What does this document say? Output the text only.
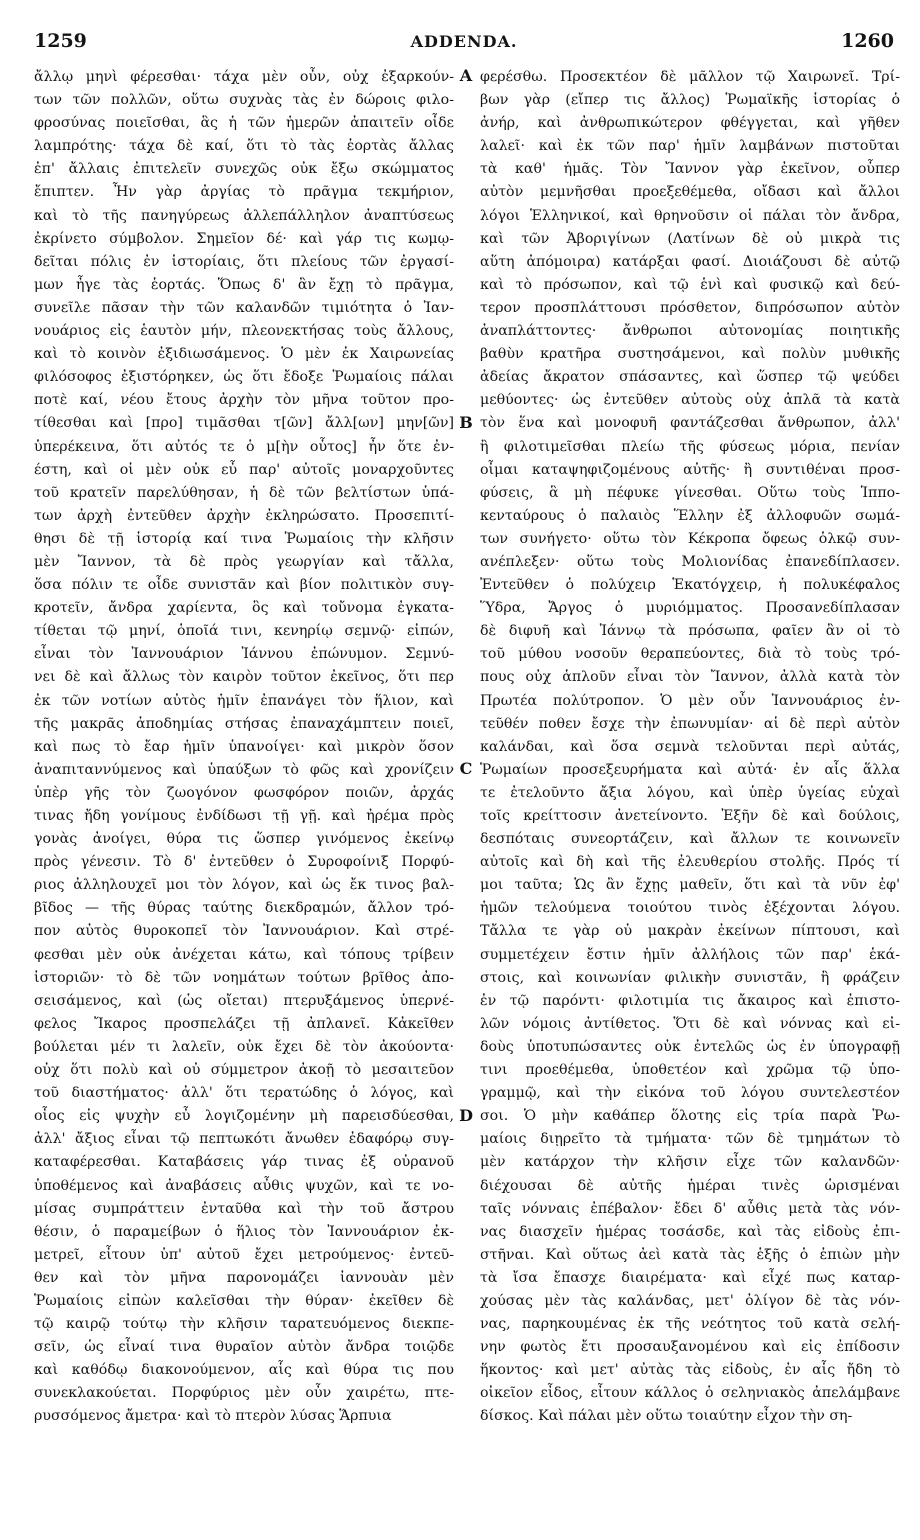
1259	ADDENDA.	1260
ἄλλῳ μηνὶ φέρεσθαι· τάχα μὲν οὖν, οὐχ ἐξαρκούν-
των τῶν πολλῶν, οὕτω συχνὰς τὰς ἐν δώροις φιλο-
φροσύνας ποιεῖσθαι, ἃς ἡ τῶν ἡμερῶν ἀπαιτεῖν οἶδε
λαμπρότης· τάχα δὲ καί, ὅτι τὸ τὰς ἑορτὰς ἄλλας
ἐπ' ἄλλαις ἐπιτελεῖν συνεχῶς οὐκ ἔξω σκώμματος
ἔπιπτεν. Ἦν γὰρ ἀργίας τὸ πρᾶγμα τεκμήριον,
καὶ τὸ τῆς πανηγύρεως ἀλλεπάλληλον ἀναπτύσεως
ἐκρίνετο σύμβολον. Σημεῖον δέ· καὶ γάρ τις κωμῳ-
δεῖται πόλις ἐν ἱστορίαις, ὅτι πλείους τῶν ἐργασί-
μων ἦγε τὰς ἑορτάς. Ὅπως δ' ἂν ἔχῃ τὸ πρᾶγμα,
συνεῖλε πᾶσαν τὴν τῶν καλανδῶν τιμιότητα ὁ Ἰαν-
νουάριος εἰς ἑαυτὸν μήν, πλεονεκτήσας τοὺς ἄλλους,
καὶ τὸ κοινὸν ἐξιδιωσάμενος. Ὁ μὲν ἐκ Χαιρωνείας
φιλόσοφος ἐξιστόρηκεν, ὡς ὅτι ἔδοξε Ῥωμαίοις πάλαι
ποτὲ καί, νέου ἔτους ἀρχὴν τὸν μῆνα τοῦτον προ-
τίθεσθαι καὶ [προ] τιμᾶσθαι τ[ῶν] ἄλλ[ων] μην[ῶν]
ὑπερέκεινα, ὅτι αὐτός τε ὁ μ[ὴν οὗτος] ἦν ὅτε ἐν-
έστη, καὶ οἱ μὲν οὐκ εὖ παρ' αὐτοῖς μοναρχοῦντες
τοῦ κρατεῖν παρελύθησαν, ἡ δὲ τῶν βελτίστων ὑπά-
των ἀρχὴ ἐντεῦθεν ἀρχὴν ἐκληρώσατο. Προσεπιτί-
θησι δὲ τῇ ἱστορίᾳ καί τινα Ῥωμαίοις τὴν κλῆσιν
μὲν Ἴαννον, τὰ δὲ πρὸς γεωργίαν καὶ τἄλλα,
ὅσα πόλιν τε οἶδε συνιστᾶν καὶ βίον πολιτικὸν συγ-
κροτεῖν, ἄνδρα χαρίεντα, ὃς καὶ τοὔνομα ἐγκατα-
τίθεται τῷ μηνί, ὁποῖά τινι, κενηρίῳ σεμνῷ· εἰπών,
εἶναι τὸν Ἰαννουάριον Ἰάννου ἐπώνυμον. Σεμνύ-
νει δὲ καὶ ἄλλως τὸν καιρὸν τοῦτον ἐκεῖνος, ὅτι περ
ἐκ τῶν νοτίων αὐτὸς ἡμῖν ἐπανάγει τὸν ἥλιον, καὶ
τῆς μακρᾶς ἀποδημίας στήσας ἐπαναχάμπτειν ποιεῖ,
καὶ πως τὸ ἔαρ ἡμῖν ὑπανοίγει· καὶ μικρὸν ὅσον
ἀναπιταννύμενος καὶ ὑπαύξων τὸ φῶς καὶ χρονίζειν
ὑπὲρ γῆς τὸν ζωογόνον φωσφόρον ποιῶν, ἀρχάς
τινας ἤδη γονίμους ἐνδίδωσι τῇ γῇ. καὶ ἠρέμα πρὸς
γονὰς ἀνοίγει, θύρα τις ὥσπερ γινόμενος ἐκείνῳ
πρὸς γένεσιν. Τὸ δ' ἐντεῦθεν ὁ Συροφοίνιξ Πορφύ-
ριος ἀλληλουχεῖ μοι τὸν λόγον, καὶ ὡς ἔκ τινος βαλ-
βῖδος — τῆς θύρας ταύτης διεκδραμών, ἄλλον τρό-
πον αὐτὸς θυροκοπεῖ τὸν Ἰαννουάριον. Καὶ στρέ-
φεσθαι μὲν οὐκ ἀνέχεται κάτω, καὶ τόπους τρίβειν
ἱστοριῶν· τὸ δὲ τῶν νοημάτων τούτων βρῖθος ἀπο-
σεισάμενος, καὶ (ὡς οἴεται) πτερυξάμενος ὑπερνέ-
φελος Ἴκαρος προσπελάζει τῇ ἀπλανεῖ. Κἀκεῖθεν
βούλεται μέν τι λαλεῖν, οὐκ ἔχει δὲ τὸν ἀκούοντα·
οὐχ ὅτι πολὺ καὶ οὐ σύμμετρον ἀκοῇ τὸ μεσαιτεῦον
τοῦ διαστήματος· ἀλλ' ὅτι τερατώδης ὁ λόγος, καὶ
οἷος εἰς ψυχὴν εὖ λογιζομένην μὴ παρεισδύεσθαι,
ἀλλ' ἄξιος εἶναι τῷ πεπτωκότι ἄνωθεν ἐδαφόρῳ συγ-
καταφέρεσθαι. Καταβάσεις γάρ τινας ἐξ οὐρανοῦ
ὑποθέμενος καὶ ἀναβάσεις αὖθις ψυχῶν, καὶ τε νο-
μίσας συμπράττειν ἐνταῦθα καὶ τὴν τοῦ ἄστρου
θέσιν, ὁ παραμείβων ὁ ἥλιος τὸν Ἰαννουάριον ἐκ-
μετρεῖ, εἶτουν ὑπ' αὐτοῦ ἔχει μετρούμενος· ἐντεῦ-
θεν καὶ τὸν μῆνα παρονομάζει ἰαννουὰν μὲν
Ῥωμαίοις εἰπὼν καλεῖσθαι τὴν θύραν· ἐκεῖθεν δὲ
τῷ καιρῷ τούτῳ τὴν κλῆσιν ταρατευόμενος διεκπε-
σεῖν, ὡς εἶναί τινα θυραῖον αὐτὸν ἄνδρα τοιῷδε
καὶ καθόδῳ διακονούμενον, αἷς καὶ θύρα τις που
συνεκλακούεται. Πορφύριος μὲν οὖν χαιρέτω, πτε-
ρυσσόμενος ἄμετρα· καὶ τὸ πτερὸν λύσας Ἅρπυια
φερέσθω. Προσεκτέον δὲ μᾶλλον τῷ Χαιρωνεῖ. Τρί-
βων γὰρ (εἴπερ τις ἄλλος) Ῥωμαϊκῆς ἱστορίας ὁ
ἀνήρ, καὶ ἀνθρωπικώτερον φθέγγεται, καὶ γῆθεν
λαλεῖ· καὶ ἐκ τῶν παρ' ἡμῖν λαμβάνων πιστοῦται
τὰ καθ' ἡμᾶς. Τὸν Ἴαννον γὰρ ἐκεῖνον, οὗπερ
αὐτὸν μεμνῆσθαι προεξεθέμεθα, οἴδασι καὶ ἄλλοι
λόγοι Ἑλληνικοί, καὶ θρηνοῦσιν οἱ πάλαι τὸν ἄνδρα,
καὶ τῶν Ἀβοριγίνων (Λατίνων δὲ οὐ μικρὰ τις
αὕτη ἀπόμοιρα) κατάρξαι φασί. Διοιάζουσι δὲ αὐτῷ
καὶ τὸ πρόσωπον, καὶ τῷ ἑνὶ καὶ φυσικῷ καὶ δεύ-
τερον προσπλάττουσι πρόσθετον, διπρόσωπον αὐτὸν
ἀναπλάττοντες· ἄνθρωποι αὐτονομίας ποιητικῆς
βαθὺν κρατῆρα συστησάμενοι, καὶ πολὺν μυθικῆς
ἀδείας ἄκρατον σπάσαντες, καὶ ὥσπερ τῷ ψεύδει
μεθύοντες· ὡς ἐντεῦθεν αὐτοὺς οὐχ ἁπλᾶ τὰ κατὰ
τὸν ἕνα καὶ μονοφυῆ φαντάζεσθαι ἄνθρωπον, ἀλλ'
ἢ φιλοτιμεῖσθαι πλείω τῆς φύσεως μόρια, πενίαν
οἶμαι καταψηφιζομένους αὐτῆς· ἢ συντιθέναι προσ-
φύσεις, ἃ μὴ πέφυκε γίνεσθαι. Οὕτω τοὺς Ἱππο-
κενταύρους ὁ παλαιὸς Ἕλλην ἐξ ἀλλοφυῶν σωμά-
των συνήγετο· οὕτω τὸν Κέκροπα ὄφεως ὁλκῷ συν-
ανέπλεξεν· οὕτω τοὺς Μολιονίδας ἐπανεδίπλασεν.
Ἐντεῦθεν ὁ πολύχειρ Ἑκατόγχειρ, ἡ πολυκέφαλος
Ὕδρα, Ἄργος ὁ μυριόμματος. Προσανεδίπλασαν
δὲ διφυῆ καὶ Ἰάννῳ τὰ πρόσωπα, φαῖεν ἂν οἱ τὸ
τοῦ μύθου νοσοῦν θεραπεύοντες, διὰ τὸ τοὺς τρό-
πους οὐχ ἁπλοῦν εἶναι τὸν Ἴαννον, ἀλλὰ κατὰ τὸν
Πρωτέα πολύτροπον. Ὁ μὲν οὖν Ἰαννουάριος ἐν-
τεῦθέν ποθεν ἔσχε τὴν ἐπωνυμίαν· αἱ δὲ περὶ αὐτὸν
καλάνδαι, καὶ ὅσα σεμνὰ τελοῦνται περὶ αὐτάς,
Ῥωμαίων προσεξευρήματα καὶ αὐτά· ἐν αἷς ἅλλα
τε ἐτελοῦντο ἄξια λόγου, καὶ ὑπὲρ ὑγείας εὐχαὶ
τοῖς κρείττοσιν ἀνετείνοντο. Ἐξῆν δὲ καὶ δούλοις,
δεσπόταις συνεορτάζειν, καὶ ἄλλων τε κοινωνεῖν
αὐτοῖς καὶ δὴ καὶ τῆς ἐλευθερίου στολῆς. Πρός τί
μοι ταῦτα; Ὡς ἂν ἔχῃς μαθεῖν, ὅτι καὶ τὰ νῦν ἐφ'
ἡμῶν τελούμενα τοιούτου τινὸς ἐξέχονται λόγου.
Τἄλλα τε γὰρ οὐ μακρὰν ἐκείνων πίπτουσι, καὶ
συμμετέχειν ἔστιν ἡμῖν ἀλλήλοις τῶν παρ' ἑκά-
στοις, καὶ κοινωνίαν φιλικὴν συνιστᾶν, ἢ φράζειν
ἐν τῷ παρόντι· φιλοτιμία τις ἄκαιρος καὶ ἐπιστο-
λῶν νόμοις ἀντίθετος. Ὅτι δὲ καὶ νόννας καὶ εἰ-
δοὺς ὑποτυπώσαντες οὐκ ἐντελῶς ὡς ἐν ὑπογραφῇ
τινι προεθέμεθα, ὑποθετέον καὶ χρῶμα τῷ ὑπο-
γραμμῷ, καὶ τὴν εἰκόνα τοῦ λόγου συντελεστέον
σοι. Ὁ μὴν καθάπερ ὅλοτης εἰς τρία παρὰ Ῥω-
μαίοις διῃρεῖτο τὰ τμήματα· τῶν δὲ τμημάτων τὸ
μὲν κατάρχον τὴν κλῆσιν εἶχε τῶν καλανδῶν·
διέχουσαι δὲ αὐτῆς ἡμέραι τινὲς ὡρισμέναι
ταῖς νόνναις ἐπέβαλον· ἔδει δ' αὖθις μετὰ τὰς νόν-
νας διασχεῖν ἡμέρας τοσάσδε, καὶ τὰς εἰδοὺς ἐπι-
στῆναι. Καὶ οὕτως ἀεὶ κατὰ τὰς ἑξῆς ὁ ἑπιὼν μὴν
τὰ ἴσα ἔπασχε διαιρέματα· καὶ εἶχέ πως καταρ-
χούσας μὲν τὰς καλάνδας, μετ' ὀλίγον δὲ τὰς νόν-
νας, παρηκουμένας ἐκ τῆς νεότητος τοῦ κατὰ σελή-
νην φωτὸς ἔτι προσαυξανομένου καὶ εἰς ἐπίδοσιν
ἥκοντος· καὶ μετ' αὐτὰς τὰς εἰδοὺς, ἐν αἷς ἤδη τὸ
οἰκεῖον εἶδος, εἶτουν κάλλος ὁ σεληνιακὸς ἀπελάμβανε
δίσκος. Καὶ πάλαι μὲν οὕτω τοιαύτην εἶχον τὴν ση-
A
B
C
D
